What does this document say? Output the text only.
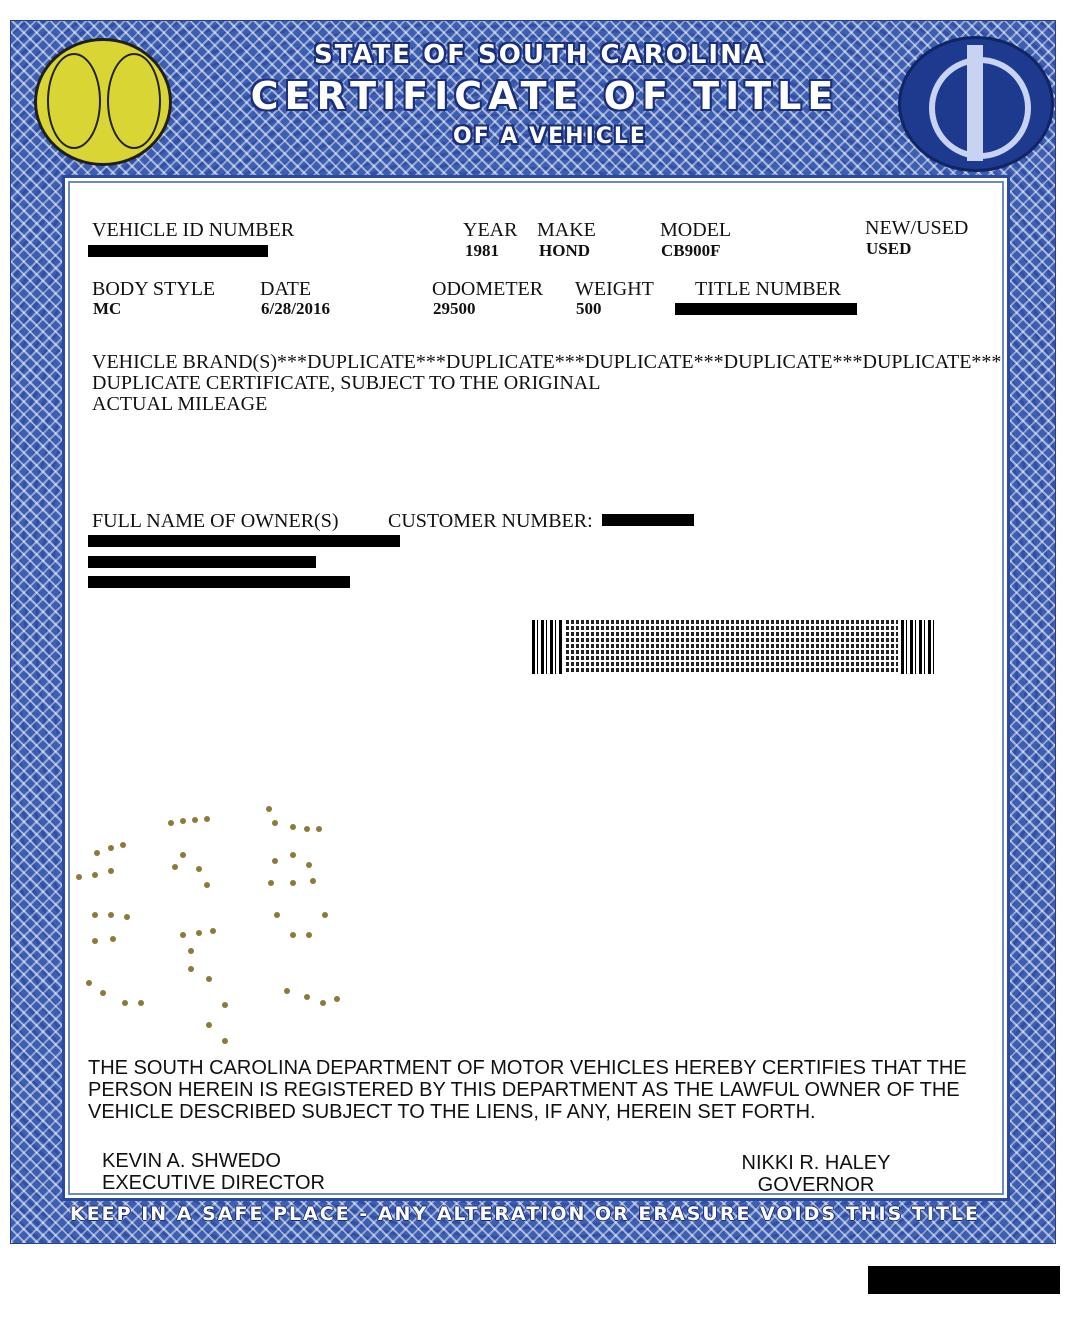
STATE OF SOUTH CAROLINA
CERTIFICATE OF TITLE
OF A VEHICLE
VEHICLE ID NUMBER	YEAR
1981
MAKE
HOND
MODEL
CB900F
NEW/USED
USED
BODY STYLE
MC
DATE
6/28/2016
ODOMETER
29500
WEIGHT
500
TITLE NUMBER
VEHICLE BRAND(S)***DUPLICATE***DUPLICATE***DUPLICATE***DUPLICATE***DUPLICATE***
DUPLICATE CERTIFICATE, SUBJECT TO THE ORIGINAL
ACTUAL MILEAGE
FULL NAME OF OWNER(S) CUSTOMER NUMBER:
THE SOUTH CAROLINA DEPARTMENT OF MOTOR VEHICLES HEREBY CERTIFIES THAT THE
PERSON HEREIN IS REGISTERED BY THIS DEPARTMENT AS THE LAWFUL OWNER OF THE
VEHICLE DESCRIBED SUBJECT TO THE LIENS, IF ANY, HEREIN SET FORTH.
KEVIN A. SHWEDO
EXECUTIVE DIRECTOR
NIKKI R. HALEY
GOVERNOR
KEEP IN A SAFE PLACE - ANY ALTERATION OR ERASURE VOIDS THIS TITLE
